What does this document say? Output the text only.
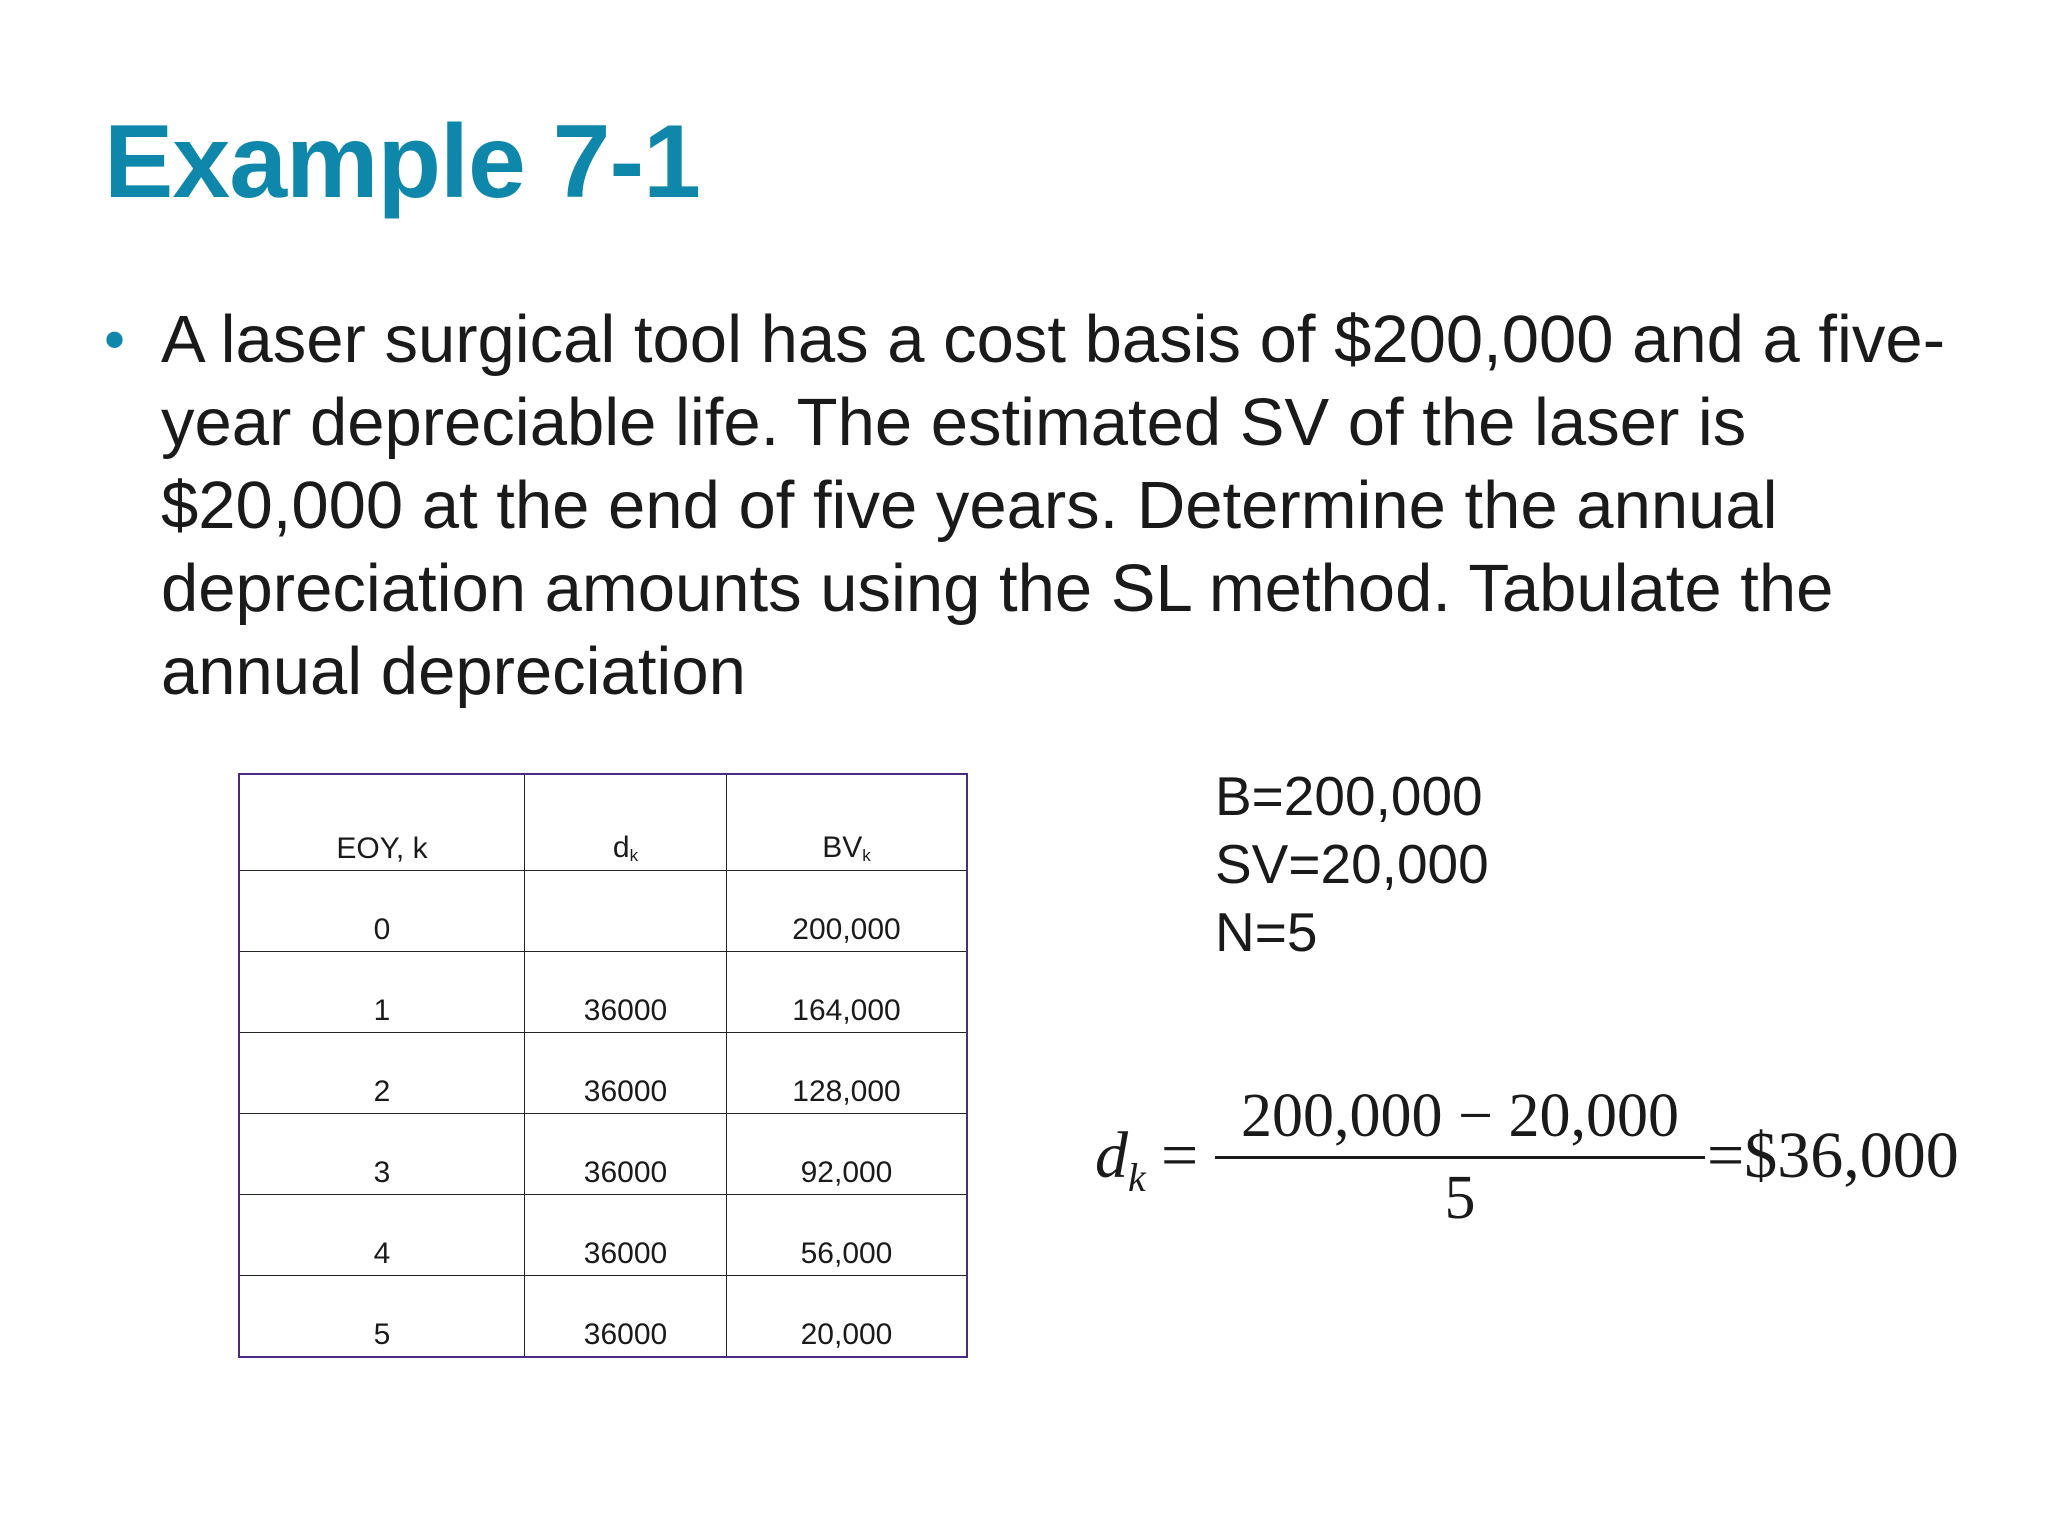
Example 7-1
• A laser surgical tool has a cost basis of $200,000 and a five-year depreciable life. The estimated SV of the laser is $20,000 at the end of five years. Determine the annual depreciation amounts using the SL method. Tabulate the annual depreciation

EOY, k	$d_k$	$BV_k$
0		200,000
1	36000	164,000
2	36000	128,000
3	36000	92,000
4	36000	56,000
5	36000	20,000
B=200,000
SV=20,000
N=5
$d_k$ =
200,000 − 20,000
5
=$36,000
